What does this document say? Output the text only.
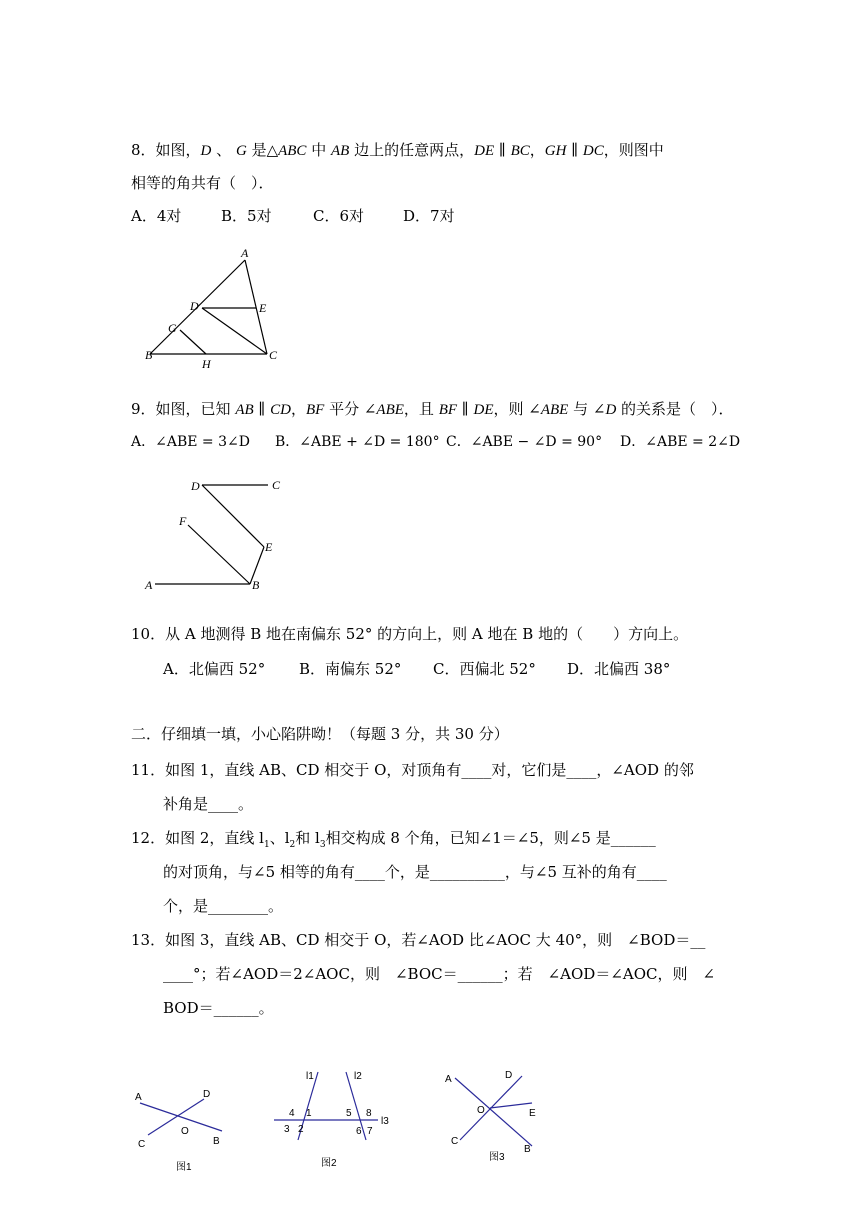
8．如图，D 、 G 是△ABC 中 AB 边上的任意两点，DE ∥ BC，GH ∥ DC，则图中
相等的角共有（　）．
A．4对	B．5对	C．6对	D．7对
A
D	E
G
B
H
C
9．如图，已知 AB ∥ CD，BF 平分 ∠ABE，且 BF ∥ DE，则 ∠ABE 与 ∠D 的关系是（　）．
A．∠ABE = 3∠D B．∠ABE + ∠D = 180° C．∠ABE − ∠D = 90° D．∠ABE = 2∠D
D	C
F
E
A	B
10．从 A 地测得 B 地在南偏东 52° 的方向上，则 A 地在 B 地的（　　）方向上。
A．北偏西 52° B．南偏东 52° C．西偏北 52° D．北偏西 38°
二．仔细填一填，小心陷阱呦！（每题 3 分，共 30 分）
11．如图 1，直线 AB、CD 相交于 O，对顶角有____对，它们是____，∠AOD 的邻
补角是____。
12．如图 2，直线 $l_1$、$l_2$和 $l_3$相交构成 8 个角，已知∠1＝∠5，则∠5 是______
的对顶角，与∠5 相等的角有____个，是__________，与∠5 互补的角有____
个，是________。
13．如图 3，直线 AB、CD 相交于 O，若∠AOD 比∠AOC 大 40°，则　∠BOD＝__
____°；若∠AOD＝2∠AOC，则　∠BOC＝______；若　∠AOD＝∠AOC，则　∠
BOD＝______。
A	D
O
C	B
图1
l1	l2
l3
4 1
3 2
5 8
6 7
图2
A	D
O	E
C
B
图3
